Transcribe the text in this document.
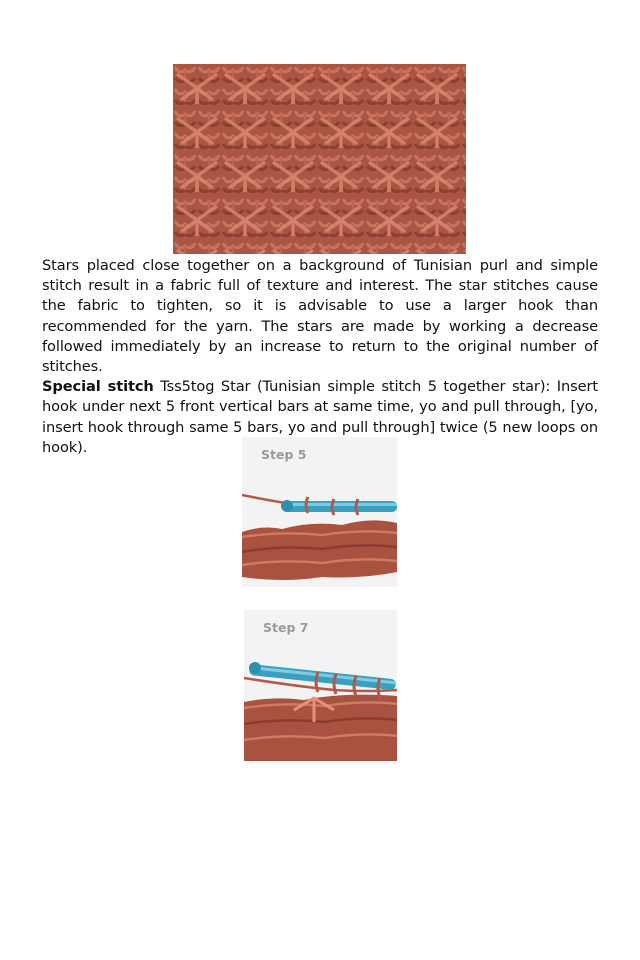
Stars placed close together on a background of Tunisian purl and simple stitch result in a fabric full of texture and interest. The star stitches cause the fabric to tighten, so it is advisable to use a larger hook than recommended for the yarn. The stars are made by working a decrease followed immediately by an increase to return to the original number of stitches.

Special stitch Tss5tog Star (Tunisian simple stitch 5 together star): Insert hook under next 5 front vertical bars at same time, yo and pull through, [yo, insert hook through same 5 bars, yo and pull through] twice (5 new loops on hook).	Step 5
Step 7
